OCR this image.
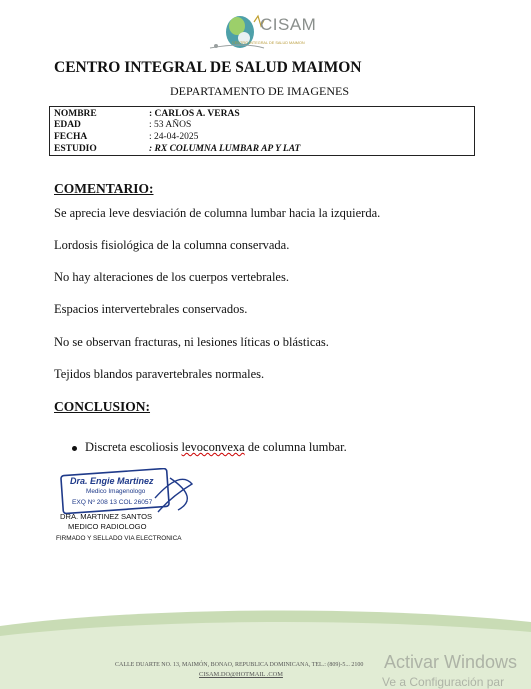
CISAM
CENTRO INTEGRAL DE SALUD MAIMON
CENTRO INTEGRAL DE SALUD MAIMON
DEPARTAMENTO DE IMAGENES
NOMBRE	: CARLOS A. VERAS
EDAD	: 53 AÑOS
FECHA	: 24-04-2025
ESTUDIO	: RX COLUMNA LUMBAR AP Y LAT
COMENTARIO:
Se aprecia leve desviación de columna lumbar hacia la izquierda.
Lordosis fisiológica de la columna conservada.
No hay alteraciones de los cuerpos vertebrales.
Espacios intervertebrales conservados.
No se observan fracturas, ni lesiones líticas o blásticas.
Tejidos blandos paravertebrales normales.
CONCLUSION:
Discreta escoliosis levoconvexa de columna lumbar.
Dra. Engie Martinez
Medico Imagenologo
EXQ Nº 208 13 COL 26057
DRA. MARTINEZ SANTOS
MEDICO RADIOLOGO
FIRMADO Y SELLADO VIA ELECTRONICA
CALLE DUARTE NO. 13, MAIMÓN, BONAO, REPUBLICA DOMINICANA, TEL.: (809)-5... 2100
CISAM.DO@HOTMAIL .COM
Activar Windows
Ve a Configuración par
